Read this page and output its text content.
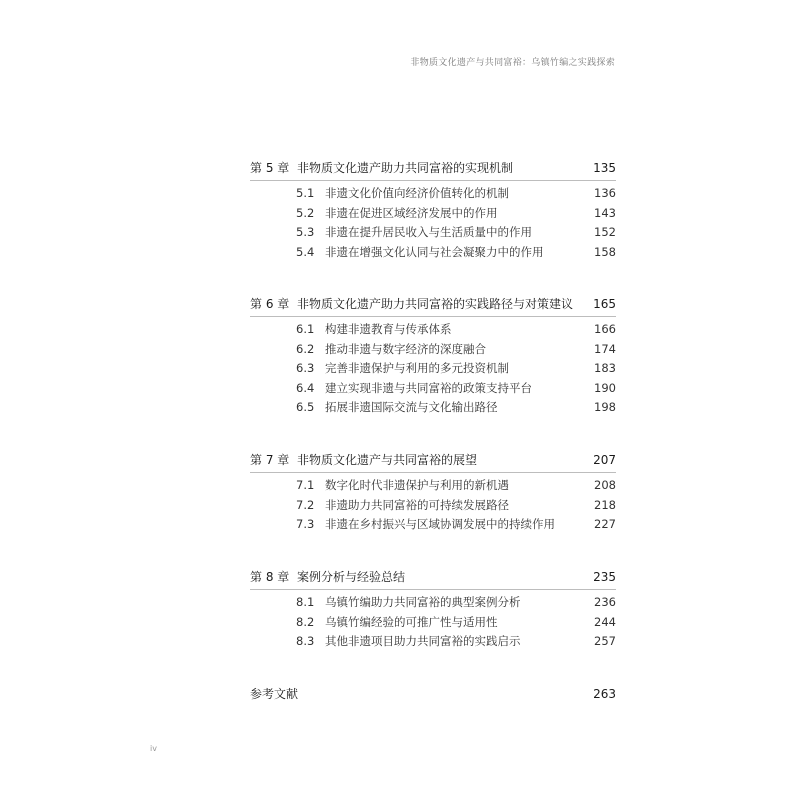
非物质文化遗产与共同富裕：乌镇竹编之实践探索
第 5 章 非物质文化遗产助力共同富裕的实现机制	135
5.1 非遗文化价值向经济价值转化的机制	136
5.2 非遗在促进区域经济发展中的作用	143
5.3 非遗在提升居民收入与生活质量中的作用	152
5.4 非遗在增强文化认同与社会凝聚力中的作用	158
第 6 章 非物质文化遗产助力共同富裕的实践路径与对策建议 165
6.1 构建非遗教育与传承体系	166
6.2 推动非遗与数字经济的深度融合	174
6.3 完善非遗保护与利用的多元投资机制	183
6.4 建立实现非遗与共同富裕的政策支持平台	190
6.5 拓展非遗国际交流与文化输出路径	198
第 7 章 非物质文化遗产与共同富裕的展望	207
7.1 数字化时代非遗保护与利用的新机遇	208
7.2 非遗助力共同富裕的可持续发展路径	218
7.3 非遗在乡村振兴与区域协调发展中的持续作用	227
第 8 章 案例分析与经验总结	235
8.1 乌镇竹编助力共同富裕的典型案例分析	236
8.2 乌镇竹编经验的可推广性与适用性	244
8.3 其他非遗项目助力共同富裕的实践启示	257
参考文献	263
iv
